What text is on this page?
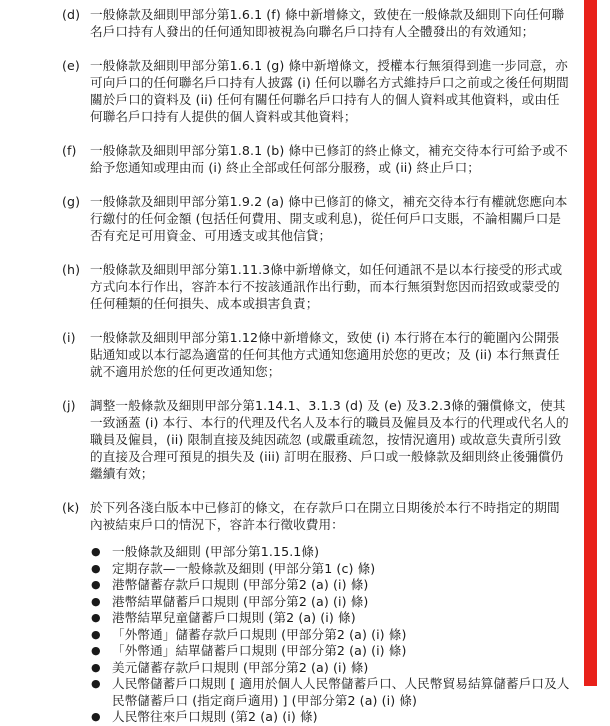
(d) 一般條款及細則甲部分第1.6.1 (f) 條中新增條文，致使在一般條款及細則下向任何聯名戶口持有人發出的任何通知即被視為向聯名戶口持有人全體發出的有效通知；
(e) 一般條款及細則甲部分第1.6.1 (g) 條中新增條文，授權本行無須得到進一步同意，亦可向戶口的任何聯名戶口持有人披露 (i) 任何以聯名方式維持戶口之前或之後任何期間關於戶口的資料及 (ii) 任何有關任何聯名戶口持有人的個人資料或其他資料，或由任何聯名戶口持有人提供的個人資料或其他資料；
(f)	一般條款及細則甲部分第1.8.1 (b) 條中已修訂的終止條文，補充交待本行可給予或不給予您通知或理由而 (i) 終止全部或任何部分服務，或 (ii) 終止戶口；
(g) 一般條款及細則甲部分第1.9.2 (a) 條中已修訂的條文，補充交待本行有權就您應向本行繳付的任何金額 (包括任何費用、開支或利息)，從任何戶口支賬，不論相關戶口是否有充足可用資金、可用透支或其他信貸；
(h) 一般條款及細則甲部分第1.11.3條中新增條文，如任何通訊不是以本行接受的形式或方式向本行作出，容許本行不按該通訊作出行動，而本行無須對您因而招致或蒙受的任何種類的任何損失、成本或損害負責；
(i)	一般條款及細則甲部分第1.12條中新增條文，致使 (i) 本行將在本行的範圍內公開張貼通知或以本行認為適當的任何其他方式通知您適用於您的更改；及 (ii) 本行無責任就不適用於您的任何更改通知您；
(j)	調整一般條款及細則甲部分第1.14.1、3.1.3 (d) 及 (e) 及3.2.3條的彌償條文，使其一致涵蓋 (i) 本行、本行的代理及代名人及本行的職員及僱員及本行的代理或代名人的職員及僱員，(ii) 限制直接及純因疏忽 (或嚴重疏忽，按情況適用) 或故意失責所引致的直接及合理可預見的損失及 (iii) 訂明在服務、戶口或一般條款及細則終止後彌償仍繼續有效；
(k) 於下列各淺白版本中已修訂的條文，在存款戶口在開立日期後於本行不時指定的期間內被結束戶口的情況下，容許本行徵收費用：
● 一般條款及細則 (甲部分第1.15.1條)
● 定期存款—一般條款及細則 (甲部分第1 (c) 條)
● 港幣儲蓄存款戶口規則 (甲部分第2 (a) (i) 條)
● 港幣結單儲蓄戶口規則 (甲部分第2 (a) (i) 條)
● 港幣結單兒童儲蓄戶口規則 (第2 (a) (i) 條)
● 「外幣通」儲蓄存款戶口規則 (甲部分第2 (a) (i) 條)
● 「外幣通」結單儲蓄戶口規則 (甲部分第2 (a) (i) 條)
● 美元儲蓄存款戶口規則 (甲部分第2 (a) (i) 條)
● 人民幣儲蓄戶口規則 [ 適用於個人人民幣儲蓄戶口、人民幣貿易結算儲蓄戶口及人民幣儲蓄戶口 (指定商戶適用) ] (甲部分第2 (a) (i) 條)
● 人民幣往來戶口規則 (第2 (a) (i) 條)
